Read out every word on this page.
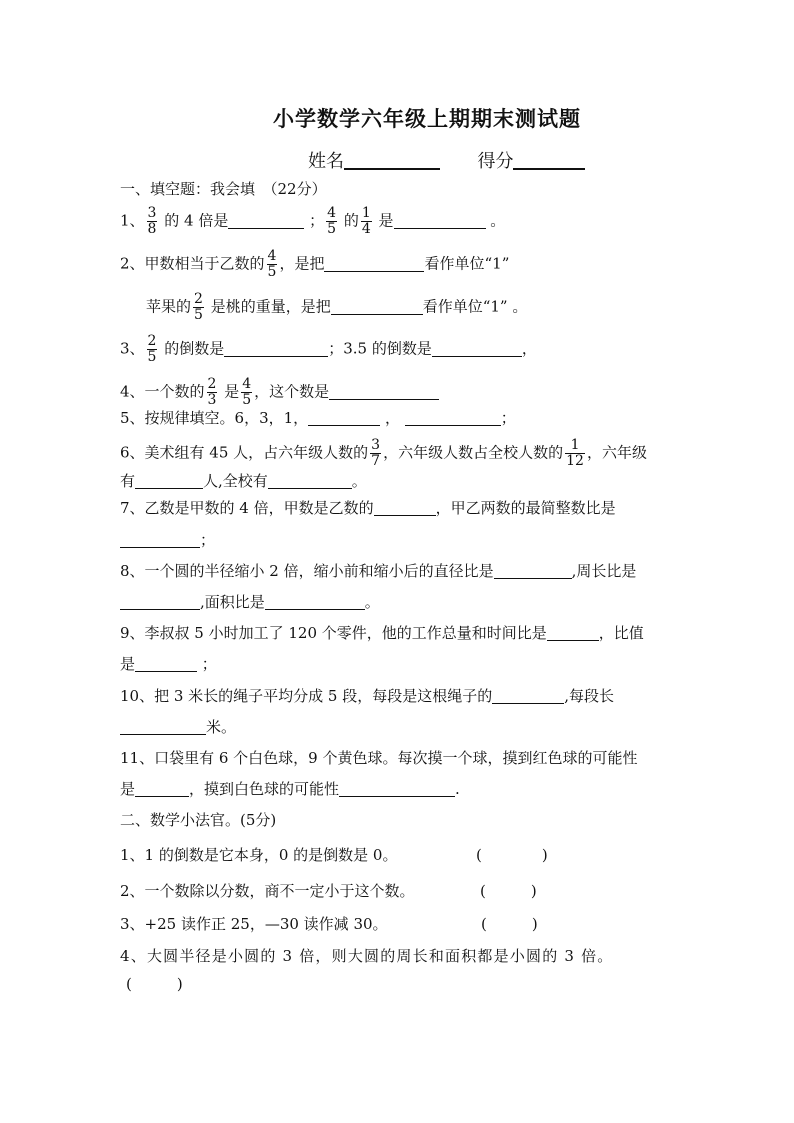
小学数学六年级上期期末测试题
姓名	得分
一、填空题：我会填　（22分）
1、 $\frac{3}{8}$ 的 4 倍是	； $\frac{4}{5}$ 的 $\frac{1}{4}$ 是	。
2、甲数相当于乙数的 $\frac{4}{5}$ ，是把	看作单位“1”
苹果的 $\frac{2}{5}$ 是桃的重量，是把	看作单位“1” 。
3、 $\frac{2}{5}$ 的倒数是	；3.5 的倒数是	，
4、一个数的 $\frac{2}{3}$ 是 $\frac{4}{5}$ ，这个数是
5、按规律填空。6，3，1，	，	；
6、美术组有 45 人，占六年级人数的 $\frac{3}{7}$ ，六年级人数占全校人数的 $\frac{1}{12}$ ，六年级
有	人,全校有	。
7、乙数是甲数的 4 倍，甲数是乙数的	，甲乙两数的最简整数比是
；
8、一个圆的半径缩小 2 倍，缩小前和缩小后的直径比是	,周长比是
,面积比是	。
9、李叔叔 5 小时加工了 120 个零件，他的工作总量和时间比是	，比值
是	；
10、把 3 米长的绳子平均分成 5 段，每段是这根绳子的	,每段长
米。
11、口袋里有 6 个白色球，9 个黄色球。每次摸一个球，摸到红色球的可能性
是	，摸到白色球的可能性	.
二、数学小法官。(5分)
1、1 的倒数是它本身，0 的是倒数是 0。	(　　　　)
2、一个数除以分数，商不一定小于这个数。	(　　　)
3、+25 读作正 25，—30 读作减 30。	(　　　)
4、大圆半径是小圆的 3 倍，则大圆的周长和面积都是小圆的 3 倍。
(　　　)
